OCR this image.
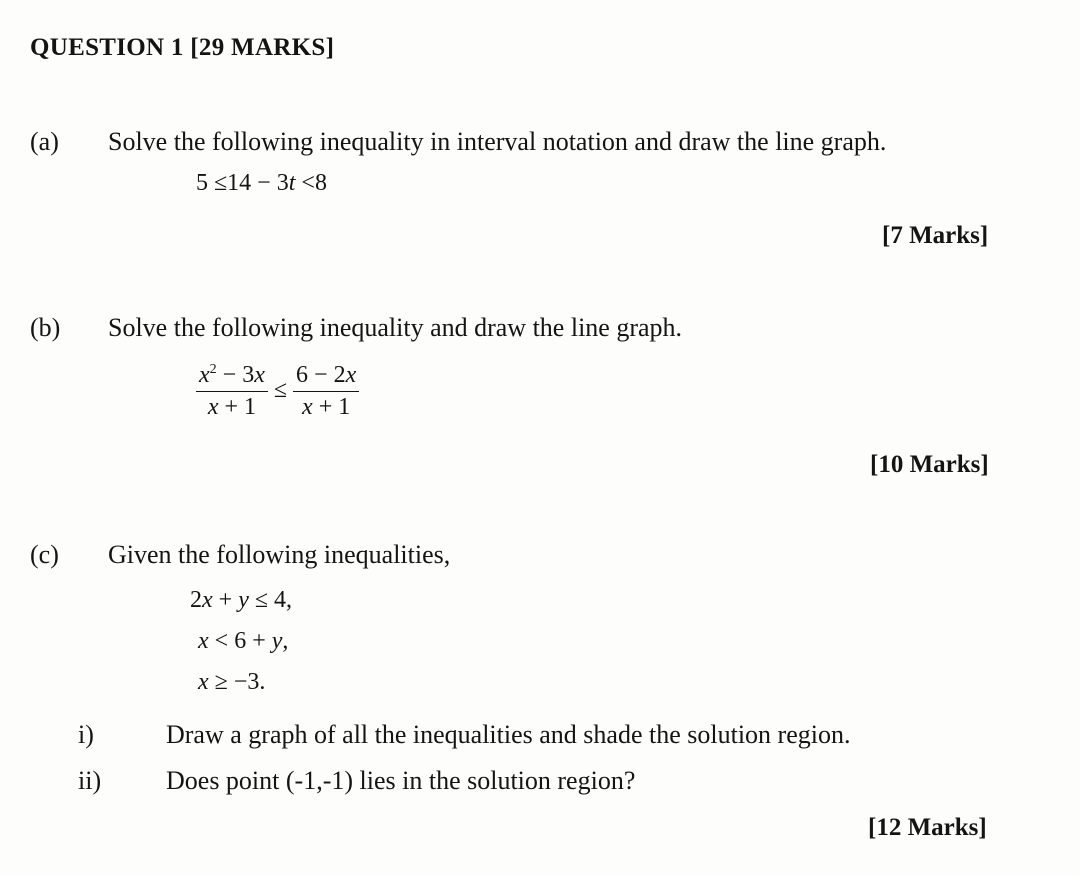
QUESTION 1 [29 MARKS]
(a) Solve the following inequality in interval notation and draw the line graph.
5 ≤14 − 3t <8
[7 Marks]
(b) Solve the following inequality and draw the line graph.
$\frac{x^2 - 3x}{x + 1} \le \frac{6 - 2x}{x + 1}$
[10 Marks]
(c) Given the following inequalities,
2x + y ≤ 4,
x < 6 + y,
x ≥ −3.
i)	Draw a graph of all the inequalities and shade the solution region.
ii) Does point (-1,-1) lies in the solution region?
[12 Marks]
